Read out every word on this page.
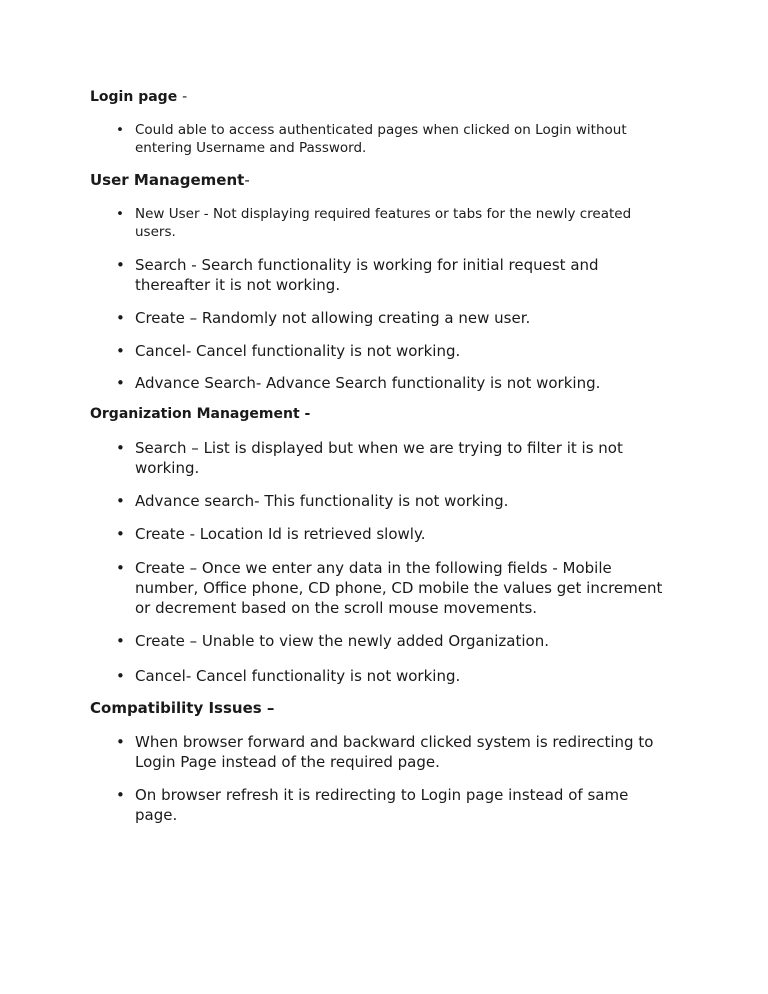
Login page -
• Could able to access authenticated pages when clicked on Login without entering Username and Password.

User Management-
• New User - Not displaying required features or tabs for the newly created users.

• Search - Search functionality is working for initial request and thereafter it is not working.

• Create – Randomly not allowing creating a new user.

• Cancel- Cancel functionality is not working.

• Advance Search- Advance Search functionality is not working.

Organization Management -
• Search – List is displayed but when we are trying to filter it is not working.

• Advance search- This functionality is not working.

• Create - Location Id is retrieved slowly.

• Create – Once we enter any data in the following fields - Mobile number, Office phone, CD phone, CD mobile the values get increment or decrement based on the scroll mouse movements.

• Create – Unable to view the newly added Organization.

• Cancel- Cancel functionality is not working.

Compatibility Issues –
• When browser forward and backward clicked system is redirecting to Login Page instead of the required page.

• On browser refresh it is redirecting to Login page instead of same page.
